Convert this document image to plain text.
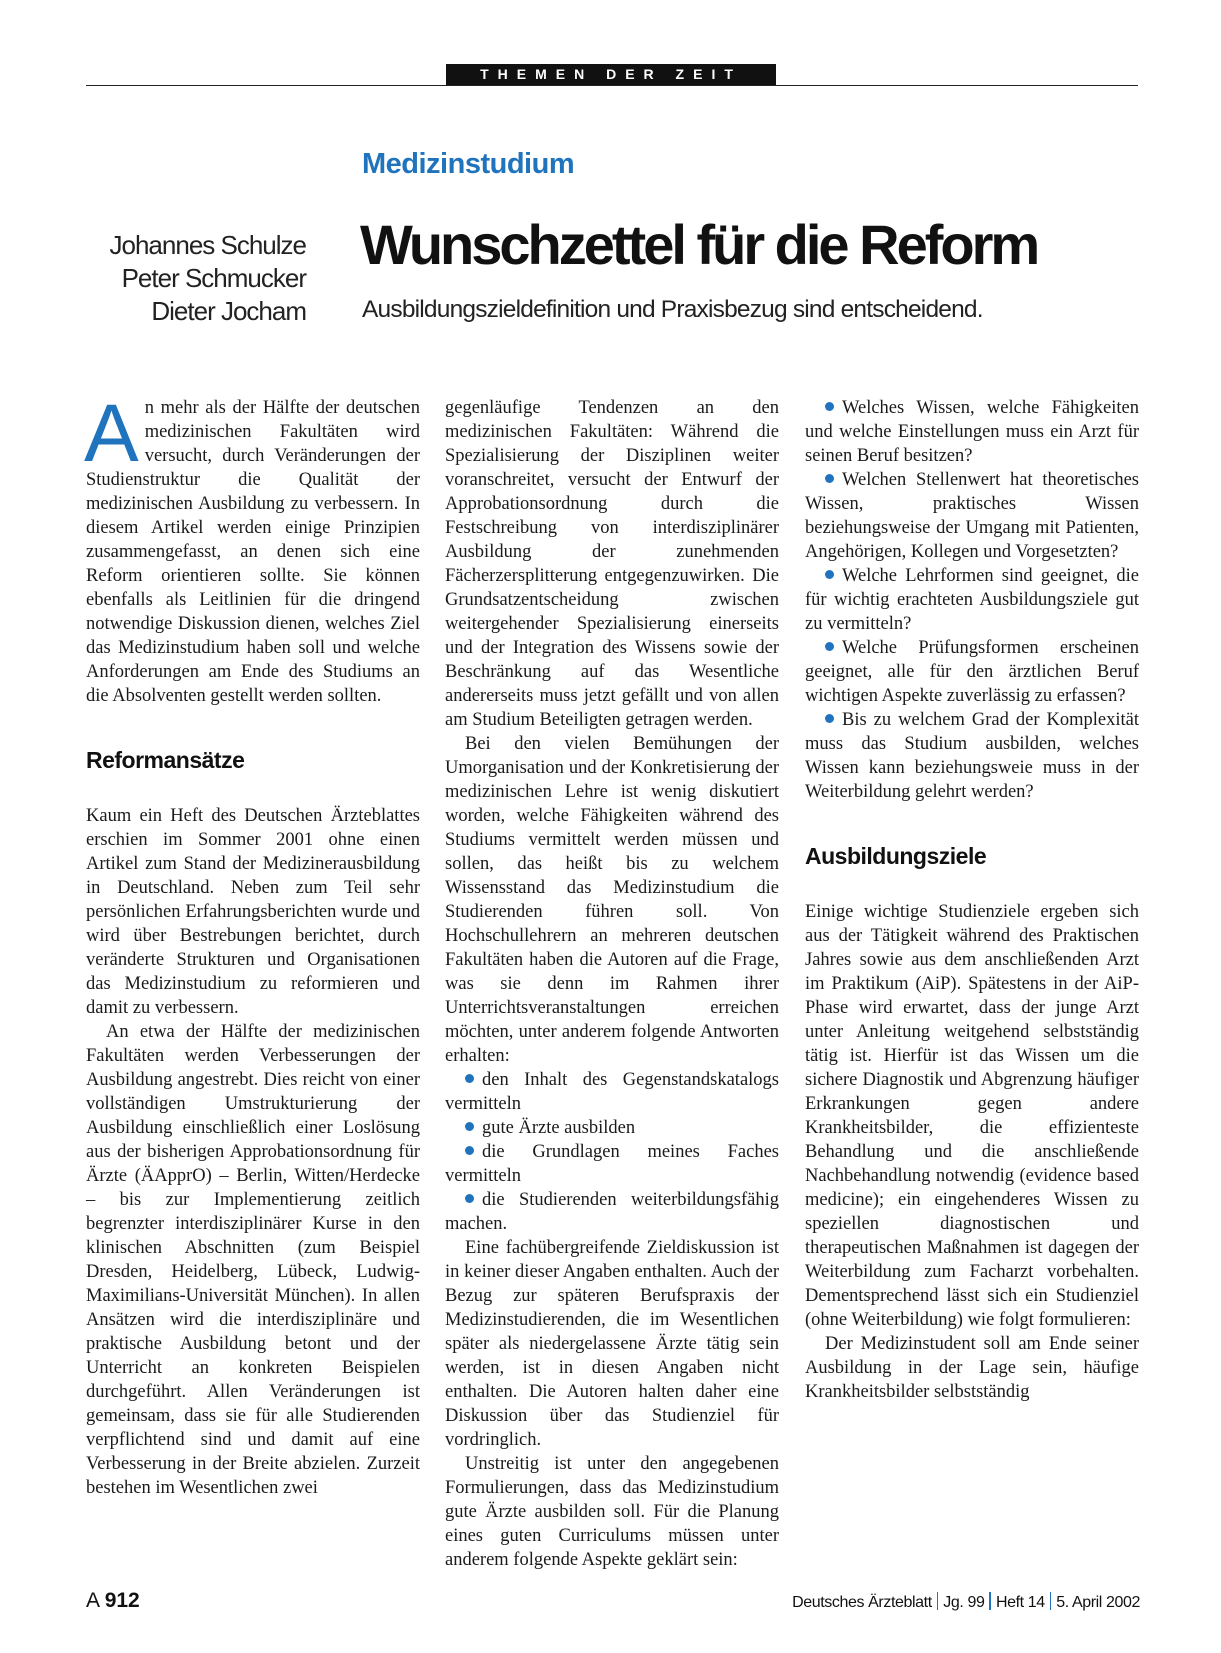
THEMEN DER ZEIT
Medizinstudium
Johannes Schulze
Peter Schmucker
Dieter Jocham
Wunschzettel für die Reform
Ausbildungszieldefinition und Praxisbezug sind entscheidend.

An mehr als der Hälfte der deutschen medizinischen Fakultäten wird versucht, durch Veränderungen der Studienstruktur die Qualität der medizinischen Ausbildung zu verbessern. In diesem Artikel werden einige Prinzipien zusammengefasst, an denen sich eine Reform orientieren sollte. Sie können ebenfalls als Leitlinien für die dringend notwendige Diskussion dienen, welches Ziel das Medizinstudium haben soll und welche Anforderungen am Ende des Studiums an die Absolventen gestellt werden sollten.

Reformansätze

Kaum ein Heft des Deutschen Ärzteblattes erschien im Sommer 2001 ohne einen Artikel zum Stand der Medizinerausbildung in Deutschland. Neben zum Teil sehr persönlichen Erfahrungsberichten wurde und wird über Bestrebungen berichtet, durch veränderte Strukturen und Organisationen das Medizinstudium zu reformieren und damit zu verbessern.

An etwa der Hälfte der medizinischen Fakultäten werden Verbesserungen der Ausbildung angestrebt. Dies reicht von einer vollständigen Umstrukturierung der Ausbildung einschließlich einer Loslösung aus der bisherigen Approbationsordnung für Ärzte (ÄApprO) – Berlin, Witten/Herdecke – bis zur Implementierung zeitlich begrenzter interdisziplinärer Kurse in den klinischen Abschnitten (zum Beispiel Dresden, Heidelberg, Lübeck, Ludwig-Maximilians-Universität München). In allen Ansätzen wird die interdisziplinäre und praktische Ausbildung betont und der Unterricht an konkreten Beispielen durchgeführt. Allen Veränderungen ist gemeinsam, dass sie für alle Studierenden verpflichtend sind und damit auf eine Verbesserung in der Breite abzielen. Zurzeit bestehen im Wesentlichen zwei

gegenläufige Tendenzen an den medizinischen Fakultäten: Während die Spezialisierung der Disziplinen weiter voranschreitet, versucht der Entwurf der Approbationsordnung durch die Festschreibung von interdisziplinärer Ausbildung der zunehmenden Fächerzersplitterung entgegenzuwirken. Die Grundsatzentscheidung zwischen weitergehender Spezialisierung einerseits und der Integration des Wissens sowie der Beschränkung auf das Wesentliche andererseits muss jetzt gefällt und von allen am Studium Beteiligten getragen werden.

Bei den vielen Bemühungen der Umorganisation und der Konkretisierung der medizinischen Lehre ist wenig diskutiert worden, welche Fähigkeiten während des Studiums vermittelt werden müssen und sollen, das heißt bis zu welchem Wissensstand das Medizinstudium die Studierenden führen soll. Von Hochschullehrern an mehreren deutschen Fakultäten haben die Autoren auf die Frage, was sie denn im Rahmen ihrer Unterrichtsveranstaltungen erreichen möchten, unter anderem folgende Antworten erhalten:

den Inhalt des Gegenstandskatalogs vermitteln

gute Ärzte ausbilden

die Grundlagen meines Faches vermitteln

die Studierenden weiterbildungsfähig machen.

Eine fachübergreifende Zieldiskussion ist in keiner dieser Angaben enthalten. Auch der Bezug zur späteren Berufspraxis der Medizinstudierenden, die im Wesentlichen später als niedergelassene Ärzte tätig sein werden, ist in diesen Angaben nicht enthalten. Die Autoren halten daher eine Diskussion über das Studienziel für vordringlich.

Unstreitig ist unter den angegebenen Formulierungen, dass das Medizinstudium gute Ärzte ausbilden soll. Für die Planung eines guten Curriculums müssen unter anderem folgende Aspekte geklärt sein:

Welches Wissen, welche Fähigkeiten und welche Einstellungen muss ein Arzt für seinen Beruf besitzen?

Welchen Stellenwert hat theoretisches Wissen, praktisches Wissen beziehungsweise der Umgang mit Patienten, Angehörigen, Kollegen und Vorgesetzten?

Welche Lehrformen sind geeignet, die für wichtig erachteten Ausbildungsziele gut zu vermitteln?

Welche Prüfungsformen erscheinen geeignet, alle für den ärztlichen Beruf wichtigen Aspekte zuverlässig zu erfassen?

Bis zu welchem Grad der Komplexität muss das Studium ausbilden, welches Wissen kann beziehungsweie muss in der Weiterbildung gelehrt werden?

Ausbildungsziele

Einige wichtige Studienziele ergeben sich aus der Tätigkeit während des Praktischen Jahres sowie aus dem anschließenden Arzt im Praktikum (AiP). Spätestens in der AiP-Phase wird erwartet, dass der junge Arzt unter Anleitung weitgehend selbstständig tätig ist. Hierfür ist das Wissen um die sichere Diagnostik und Abgrenzung häufiger Erkrankungen gegen andere Krankheitsbilder, die effizienteste Behandlung und die anschließende Nachbehandlung notwendig (evidence based medicine); ein eingehenderes Wissen zu speziellen diagnostischen und therapeutischen Maßnahmen ist dagegen der Weiterbildung zum Facharzt vorbehalten. Dementsprechend lässt sich ein Studienziel (ohne Weiterbildung) wie folgt formulieren:

Der Medizinstudent soll am Ende seiner Ausbildung in der Lage sein, häufige Krankheitsbilder selbstständig

A 912	Deutsches Ärzteblatt Jg. 99 Heft 14 5. April 2002
